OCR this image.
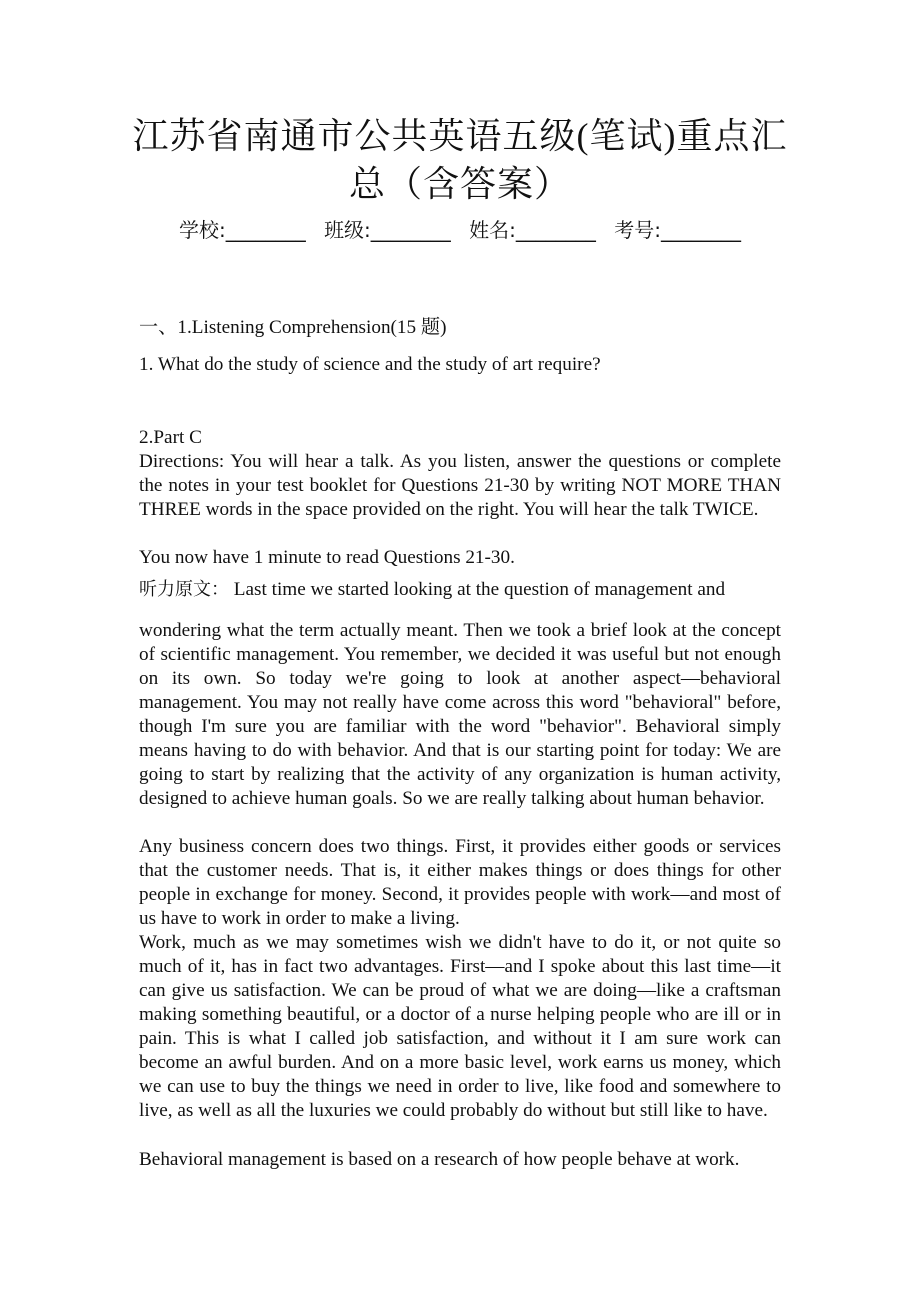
江苏省南通市公共英语五级(笔试)重点汇
总（含答案）
学校:________ 班级:________ 姓名:________ 考号:________

一、1.Listening Comprehension(15 题)

1. What do the study of science and the study of art require?

2.Part C

Directions: You will hear a talk. As you listen, answer the questions or complete the notes in your test booklet for Questions 21-30 by writing NOT MORE THAN THREE words in the space provided on the right. You will hear the talk TWICE.

You now have 1 minute to read Questions 21-30.

听力原文： Last time we started looking at the question of management and

wondering what the term actually meant. Then we took a brief look at the concept of scientific management. You remember, we decided it was useful but not enough on its own. So today we're going to look at another aspect—behavioral management. You may not really have come across this word "behavioral" before, though I'm sure you are familiar with the word "behavior". Behavioral simply means having to do with behavior. And that is our starting point for today: We are going to start by realizing that the activity of any organization is human activity, designed to achieve human goals. So we are really talking about human behavior.

Any business concern does two things. First, it provides either goods or services that the customer needs. That is, it either makes things or does things for other people in exchange for money. Second, it provides people with work—and most of us have to work in order to make a living.

Work, much as we may sometimes wish we didn't have to do it, or not quite so much of it, has in fact two advantages. First—and I spoke about this last time—it can give us satisfaction. We can be proud of what we are doing—like a craftsman making something beautiful, or a doctor of a nurse helping people who are ill or in pain. This is what I called job satisfaction, and without it I am sure work can become an awful burden. And on a more basic level, work earns us money, which we can use to buy the things we need in order to live, like food and somewhere to live, as well as all the luxuries we could probably do without but still like to have.

Behavioral management is based on a research of how people behave at work.
